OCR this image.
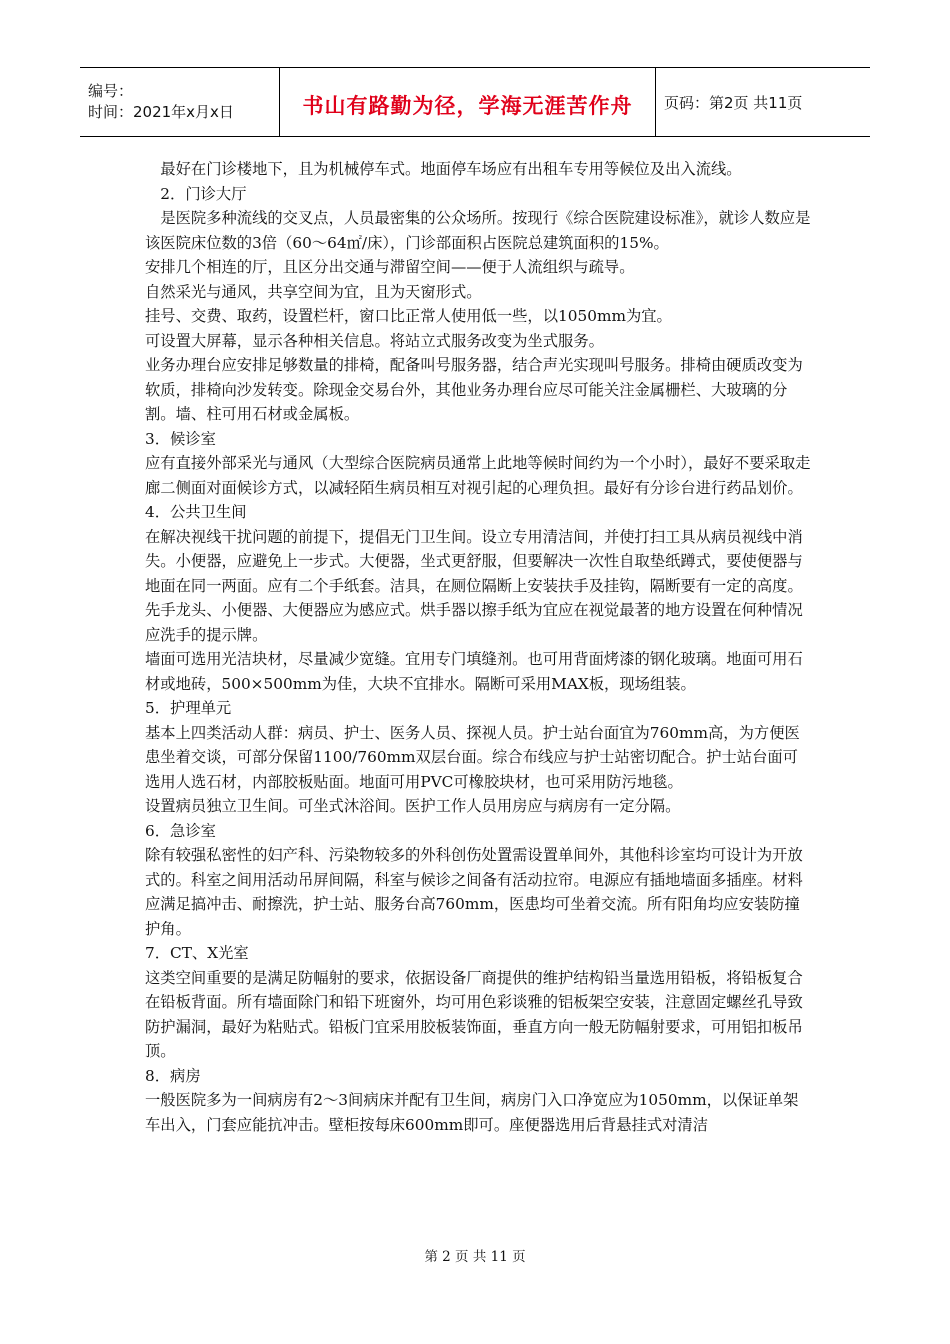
编号：
时间：2021年x月x日	书山有路勤为径，学海无涯苦作舟 页码：第2页 共11页

　最好在门诊楼地下，且为机械停车式。地面停车场应有出租车专用等候位及出入流线。

　2．门诊大厅

　是医院多种流线的交叉点，人员最密集的公众场所。按现行《综合医院建设标准》，就诊人数应是该医院床位数的3倍（60～64㎡/床），门诊部面积占医院总建筑面积的15%。

安排几个相连的厅，且区分出交通与滞留空间——便于人流组织与疏导。

自然采光与通风，共享空间为宜，且为天窗形式。

挂号、交费、取药，设置栏杆，窗口比正常人使用低一些，以1050mm为宜。

可设置大屏幕，显示各种相关信息。将站立式服务改变为坐式服务。

业务办理台应安排足够数量的排椅，配备叫号服务器，结合声光实现叫号服务。排椅由硬质改变为软质，排椅向沙发转变。除现金交易台外，其他业务办理台应尽可能关注金属栅栏、大玻璃的分割。墙、柱可用石材或金属板。

3．候诊室

应有直接外部采光与通风（大型综合医院病员通常上此地等候时间约为一个小时），最好不要采取走廊二侧面对面候诊方式，以减轻陌生病员相互对视引起的心理负担。最好有分诊台进行药品划价。

4．公共卫生间

在解决视线干扰问题的前提下，提倡无门卫生间。设立专用清洁间，并使打扫工具从病员视线中消失。小便器，应避免上一步式。大便器，坐式更舒服，但要解决一次性自取垫纸蹲式，要使便器与地面在同一两面。应有二个手纸套。洁具，在厕位隔断上安装扶手及挂钩，隔断要有一定的高度。先手龙头、小便器、大便器应为感应式。烘手器以擦手纸为宜应在视觉最著的地方设置在何种情况应洗手的提示牌。

墙面可选用光洁块材，尽量减少宽缝。宜用专门填缝剂。也可用背面烤漆的钢化玻璃。地面可用石材或地砖，500×500mm为佳，大块不宜排水。隔断可采用MAX板，现场组装。

5．护理单元

基本上四类活动人群：病员、护士、医务人员、探视人员。护士站台面宜为760mm高，为方便医患坐着交谈，可部分保留1100/760mm双层台面。综合布线应与护士站密切配合。护士站台面可选用人选石材，内部胶板贴面。地面可用PVC可橡胶块材，也可采用防污地毯。

设置病员独立卫生间。可坐式沐浴间。医护工作人员用房应与病房有一定分隔。

6．急诊室

除有较强私密性的妇产科、污染物较多的外科创伤处置需设置单间外，其他科诊室均可设计为开放式的。科室之间用活动吊屏间隔，科室与候诊之间备有活动拉帘。电源应有插地墙面多插座。材料应满足搞冲击、耐擦洗，护士站、服务台高760mm，医患均可坐着交流。所有阳角均应安装防撞护角。

7．CT、X光室

这类空间重要的是满足防幅射的要求，依据设备厂商提供的维护结构铅当量选用铅板，将铅板复合在铅板背面。所有墙面除门和铅下班窗外，均可用色彩谈雅的铝板架空安装，注意固定螺丝孔导致防护漏洞，最好为粘贴式。铅板门宜采用胶板装饰面，垂直方向一般无防幅射要求，可用铝扣板吊顶。

8．病房

一般医院多为一间病房有2～3间病床并配有卫生间，病房门入口净宽应为1050mm，以保证单架车出入，门套应能抗冲击。壁柜按每床600mm即可。座便器选用后背悬挂式对清洁

第 2 页 共 11 页
